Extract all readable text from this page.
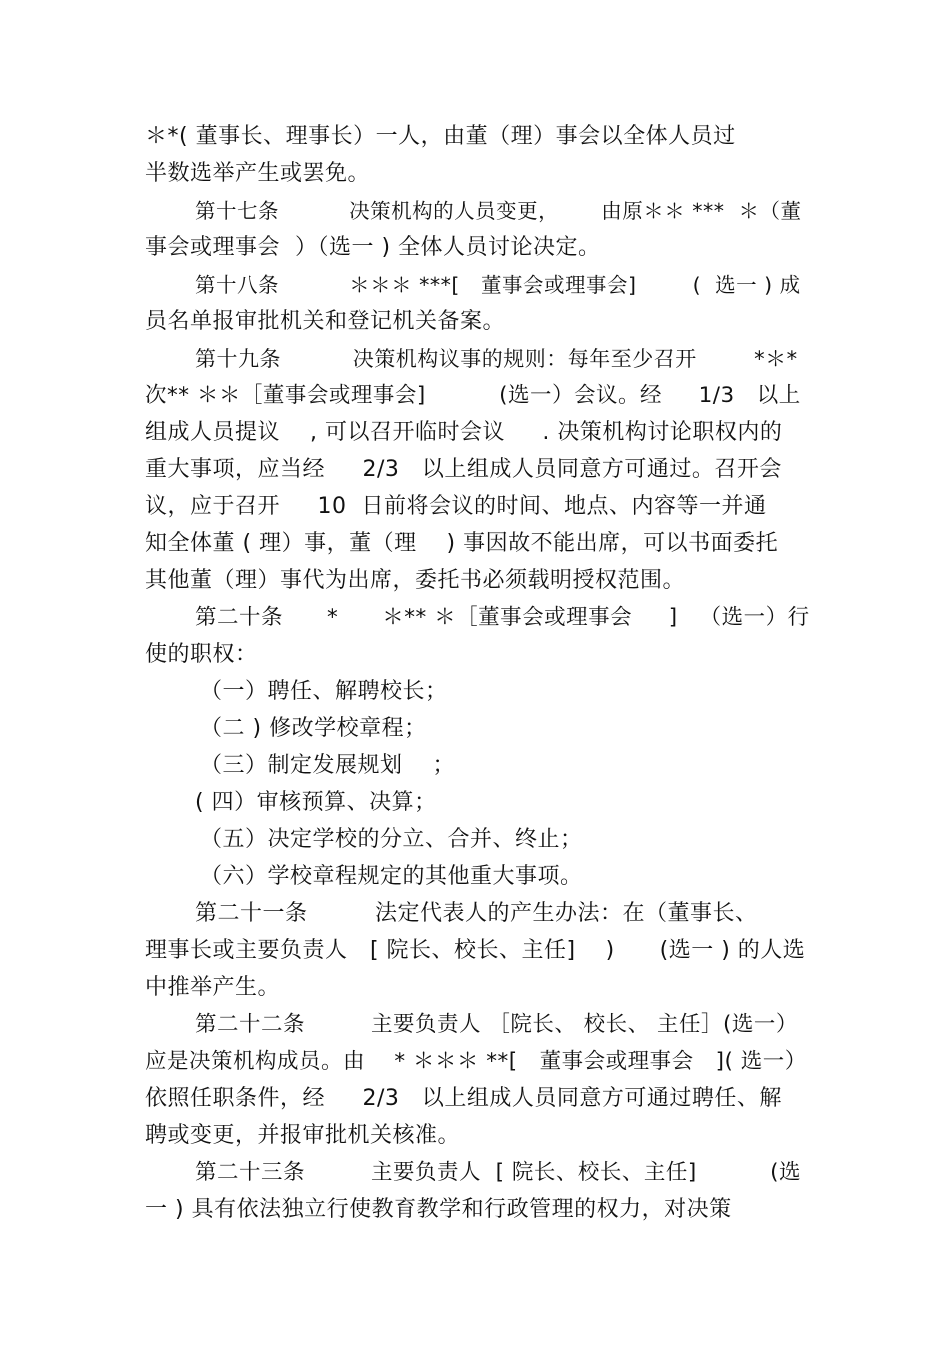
＊*( 董事长、理事长）一人，由董（理）事会以全体人员过
半数选举产生或罢免。
第十七条          决策机构的人员变更，      由原＊＊ ***  ＊（董
事会或理事会  ）（选一 ) 全体人员讨论决定。
第十八条          ＊＊＊ ***[   董事会或理事会]        (  选一 ) 成
员名单报审批机关和登记机关备案。
第十九条          决策机构议事的规则：每年至少召开        *＊*
次** ＊＊［董事会或理事会]          (选一）会议。经     1/3   以上
组成人员提议    , 可以召开临时会议     . 决策机构讨论职权内的
重大事项，应当经     2/3   以上组成人员同意方可通过。召开会
议，应于召开     10  日前将会议的时间、地点、内容等一并通
知全体董 ( 理）事，董（理    ) 事因故不能出席，可以书面委托
其他董（理）事代为出席，委托书必须载明授权范围。
第二十条      *      ＊** ＊［董事会或理事会     ]   （选一）行
使的职权：
（一）聘任、解聘校长；
（二 ) 修改学校章程；
（三）制定发展规划    ；
( 四）审核预算、决算；
（五）决定学校的分立、合并、终止；
（六）学校章程规定的其他重大事项。
第二十一条         法定代表人的产生办法：在（董事长、
理事长或主要负责人   [ 院长、校长、主任]    )      (选一 ) 的人选
中推举产生。
第二十二条         主要负责人 ［院长、 校长、 主任］(选一）
应是决策机构成员。由    * ＊＊＊ **[   董事会或理事会   ]( 选一）
依照任职条件，经     2/3   以上组成人员同意方可通过聘任、解
聘或变更，并报审批机关核准。
第二十三条         主要负责人  [ 院长、校长、主任]          (选
一 ) 具有依法独立行使教育教学和行政管理的权力，对决策
